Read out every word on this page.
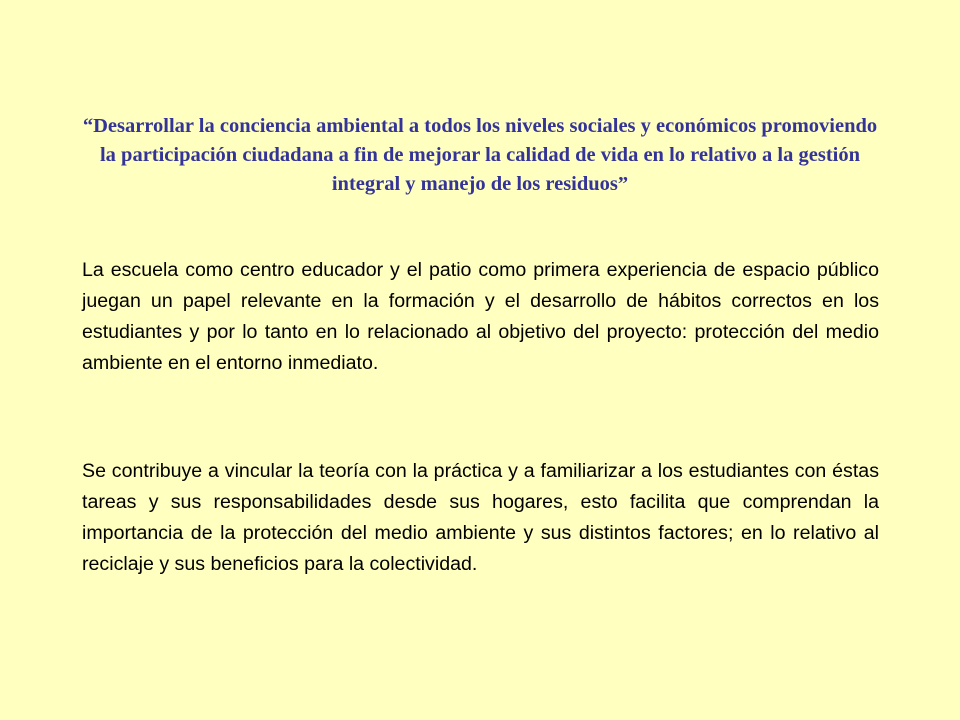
“Desarrollar la conciencia ambiental a todos los niveles sociales y económicos promoviendo la participación ciudadana a fin de mejorar la calidad de vida en lo relativo a la gestión integral y manejo de los residuos”

La escuela como centro educador y el patio como primera experiencia de espacio público juegan un papel relevante en la formación y el desarrollo de hábitos correctos en los estudiantes y por lo tanto en lo relacionado al objetivo del proyecto: protección del medio ambiente en el entorno inmediato.

Se contribuye a vincular la teoría con la práctica y a familiarizar a los estudiantes con éstas tareas y sus responsabilidades desde sus hogares, esto facilita que comprendan la importancia de la protección del medio ambiente y sus distintos factores; en lo relativo al reciclaje y sus beneficios para la colectividad.
